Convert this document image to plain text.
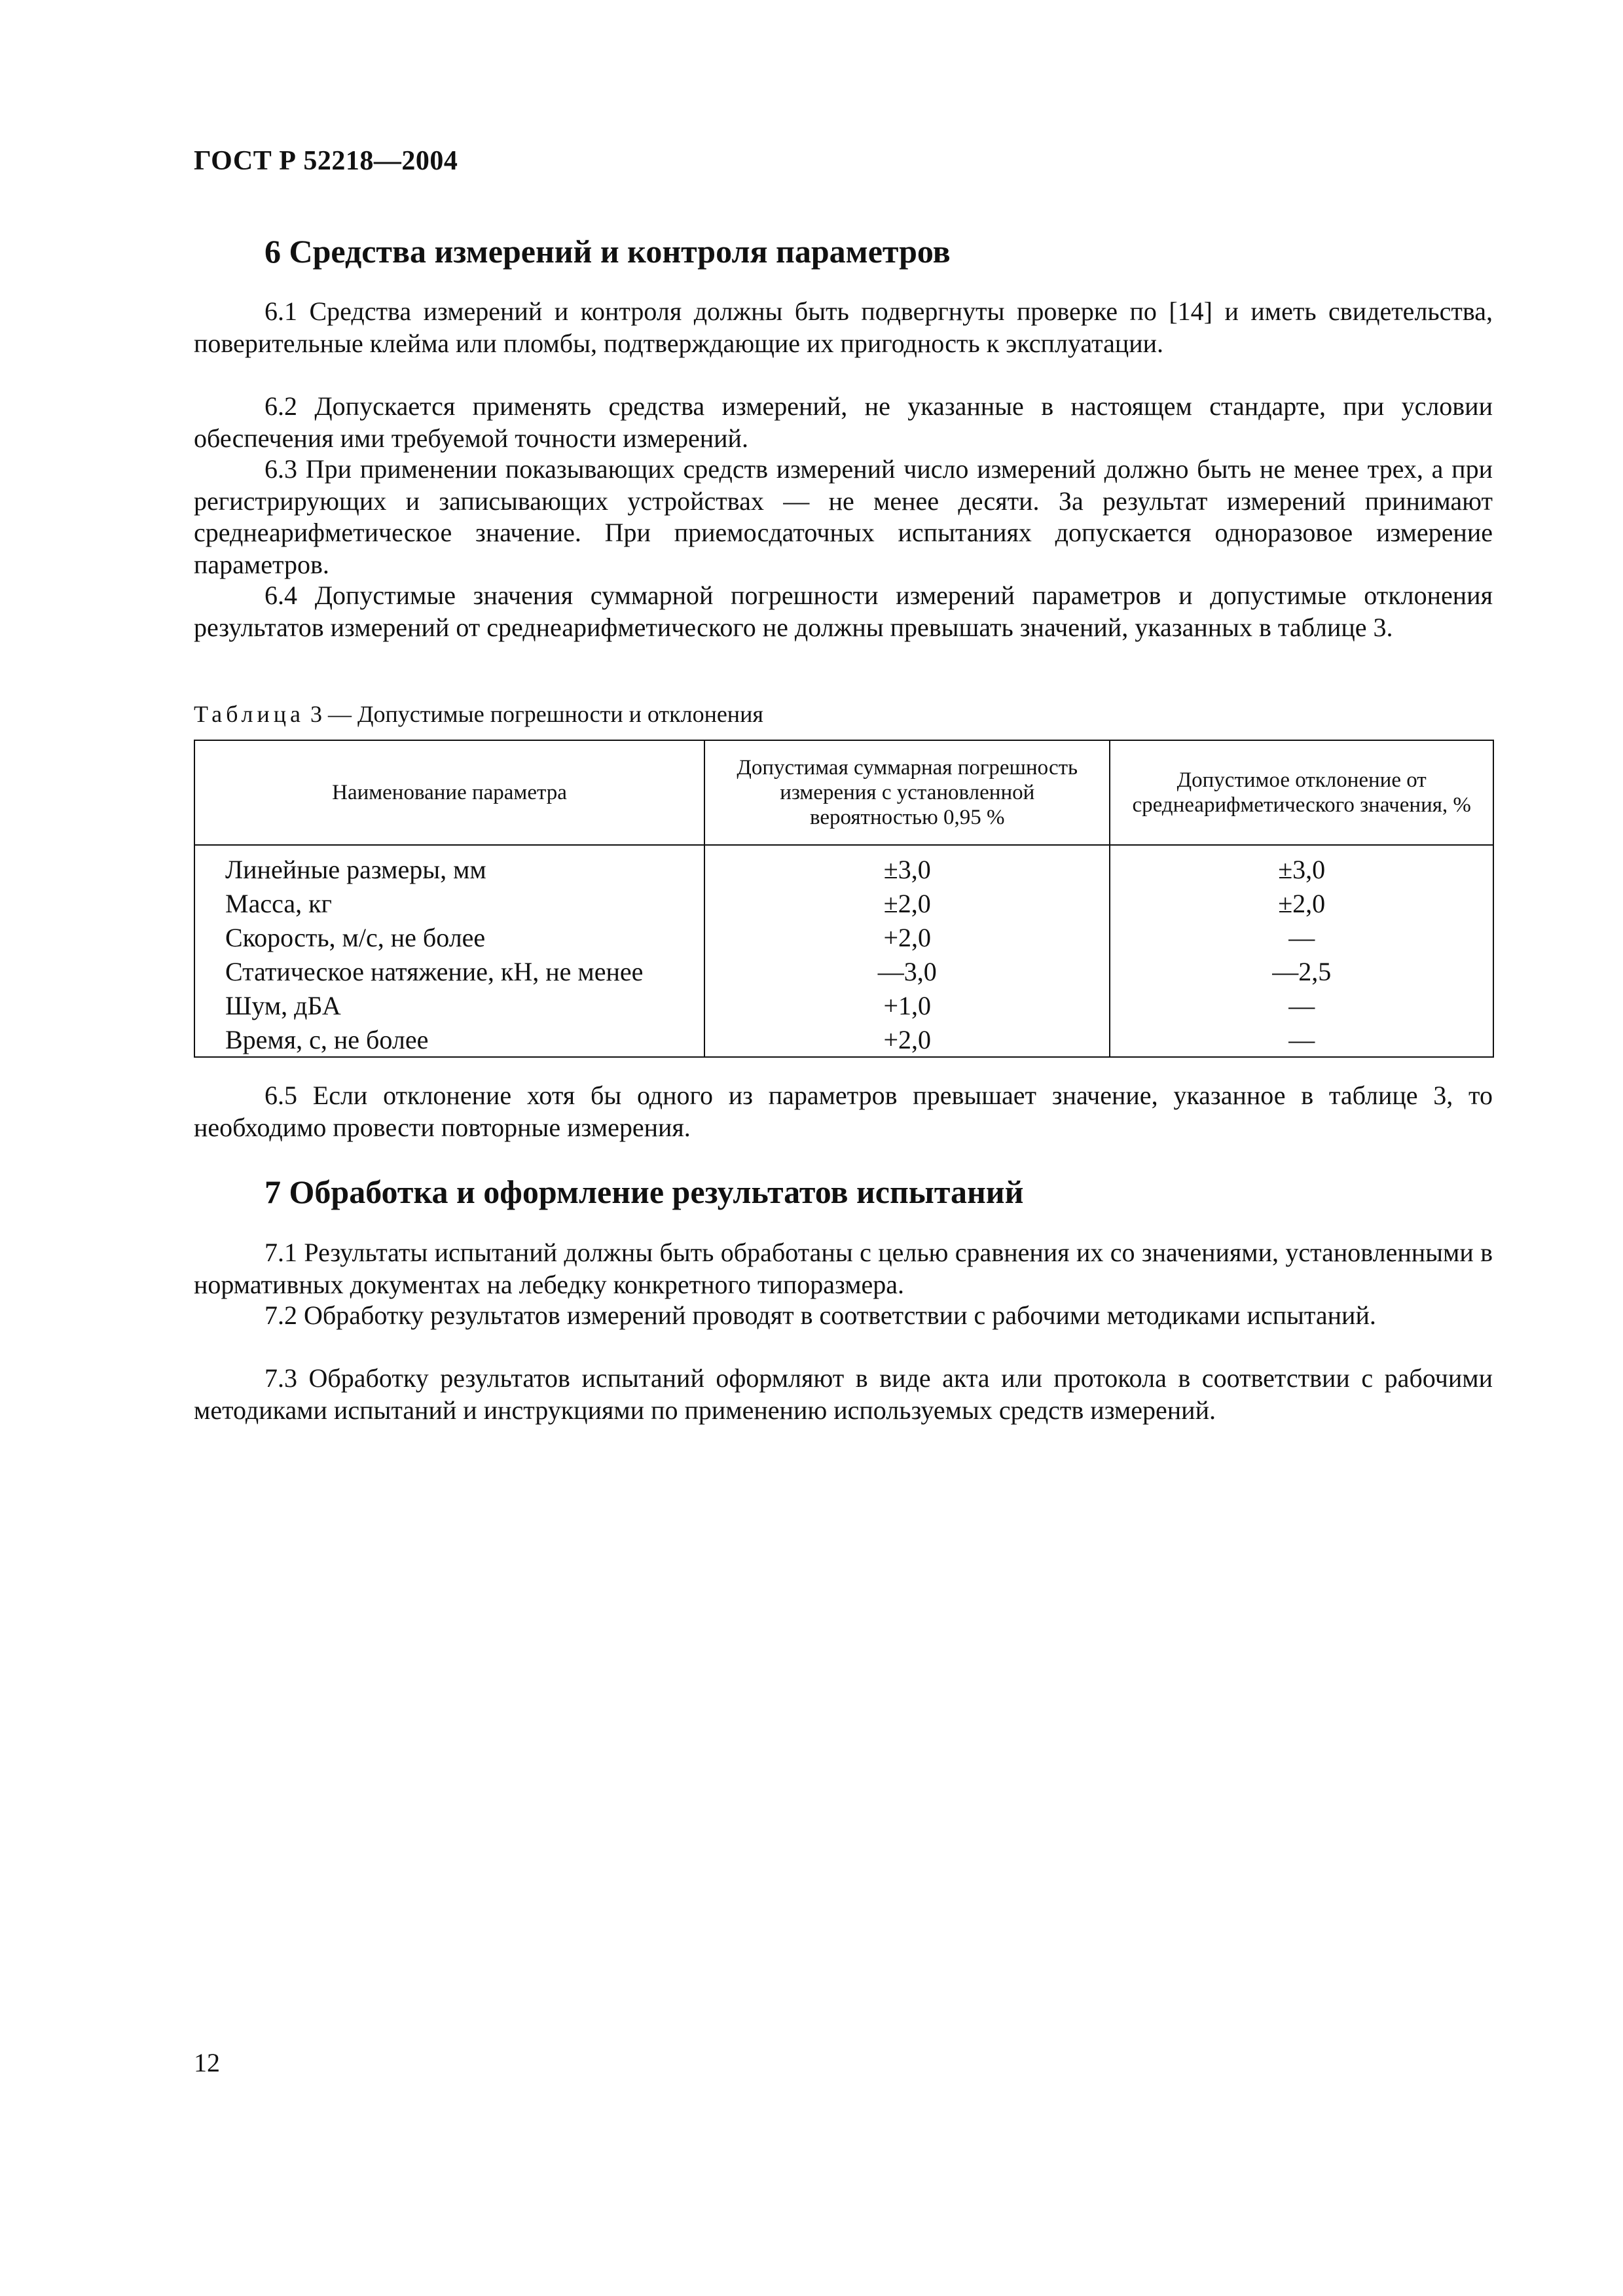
ГОСТ Р 52218—2004
6 Средства измерений и контроля параметров

6.1 Средства измерений и контроля должны быть подвергнуты проверке по [14] и иметь свидетельства, поверительные клейма или пломбы, подтверждающие их пригодность к эксплуатации.

6.2 Допускается применять средства измерений, не указанные в настоящем стандарте, при условии обеспечения ими требуемой точности измерений.

6.3 При применении показывающих средств измерений число измерений должно быть не менее трех, а при регистрирующих и записывающих устройствах — не менее десяти. За результат измерений принимают среднеарифметическое значение. При приемосдаточных испытаниях допускается одноразовое измерение параметров.

6.4 Допустимые значения суммарной погрешности измерений параметров и допустимые отклонения результатов измерений от среднеарифметического не должны превышать значений, указанных в таблице 3.

Таблица 3 — Допустимые погрешности и отклонения
Наименование параметра	Допустимая суммарная погрешность измерения с установленной вероятностью 0,95 %	Допустимое отклонение от среднеарифметического значения, %
Линейные размеры, мм	±3,0	±3,0
Масса, кг	±2,0	±2,0
Скорость, м/с, не более	+2,0	—
Статическое натяжение, кН, не менее	—3,0	—2,5
Шум, дБА	+1,0	—
Время, с, не более	+2,0	—

6.5 Если отклонение хотя бы одного из параметров превышает значение, указанное в таблице 3, то необходимо провести повторные измерения.

7 Обработка и оформление результатов испытаний

7.1 Результаты испытаний должны быть обработаны с целью сравнения их со значениями, установленными в нормативных документах на лебедку конкретного типоразмера.

7.2 Обработку результатов измерений проводят в соответствии с рабочими методиками испытаний.

7.3 Обработку результатов испытаний оформляют в виде акта или протокола в соответствии с рабочими методиками испытаний и инструкциями по применению используемых средств измерений.

12
